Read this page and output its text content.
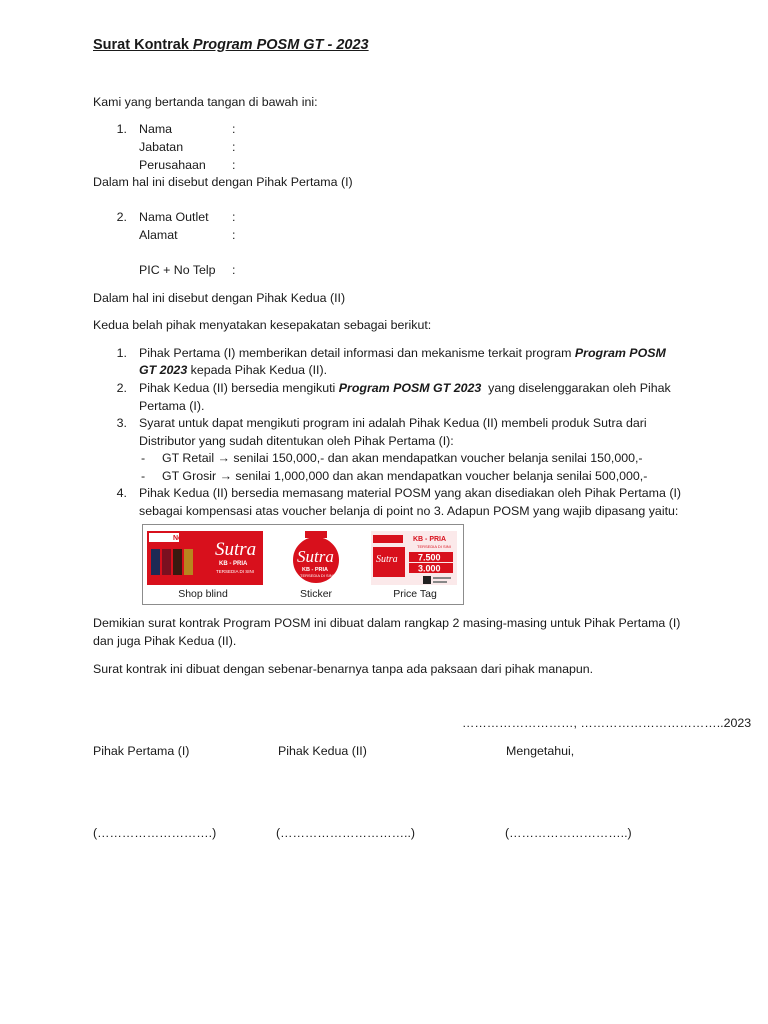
Surat Kontrak Program POSM GT - 2023
Kami yang bertanda tangan di bawah ini:
1. Nama	:
Jabatan	:
Perusahaan :
Dalam hal ini disebut dengan Pihak Pertama (I)
2. Nama Outlet :
Alamat	:
PIC + No Telp :
Dalam hal ini disebut dengan Pihak Kedua (II)
Kedua belah pihak menyatakan kesepakatan sebagai berikut:
1. Pihak Pertama (I) memberikan detail informasi dan mekanisme terkait program Program POSM
GT 2023 kepada Pihak Kedua (II).
2. Pihak Kedua (II) bersedia mengikuti Program POSM GT 2023  yang diselenggarakan oleh Pihak
Pertama (I).
3. Syarat untuk dapat mengikuti program ini adalah Pihak Kedua (II) membeli produk Sutra dari
Distributor yang sudah ditentukan oleh Pihak Pertama (I):
- GT Retail → senilai 150,000,- dan akan mendapatkan voucher belanja senilai 150,000,-
- GT Grosir → senilai 1,000,000 dan akan mendapatkan voucher belanja senilai 500,000,-
4. Pihak Kedua (II) bersedia memasang material POSM yang akan disediakan oleh Pihak Pertama (I)
sebagai kompensasi atas voucher belanja di point no 3. Adapun POSM yang wajib dipasang yaitu:
No.1
Sutra
KB - PRIA
TERSEDIA DI SINI
Shop blind
Sutra
KB - PRIA
TERSEDIA DI SINI
Sticker
Sutra
KB - PRIA
TERSEDIA DI SINI
7.500
3.000
Price Tag
Demikian surat kontrak Program POSM ini dibuat dalam rangkap 2 masing-masing untuk Pihak Pertama (I)
dan juga Pihak Kedua (II).
Surat kontrak ini dibuat dengan sebenar-benarnya tanpa ada paksaan dari pihak manapun.
………………………, ……………………………..2023
Pihak Pertama (I)	Pihak Kedua (II)	Mengetahui,
(……………………….)	(…………………………..)	(………………………..)
